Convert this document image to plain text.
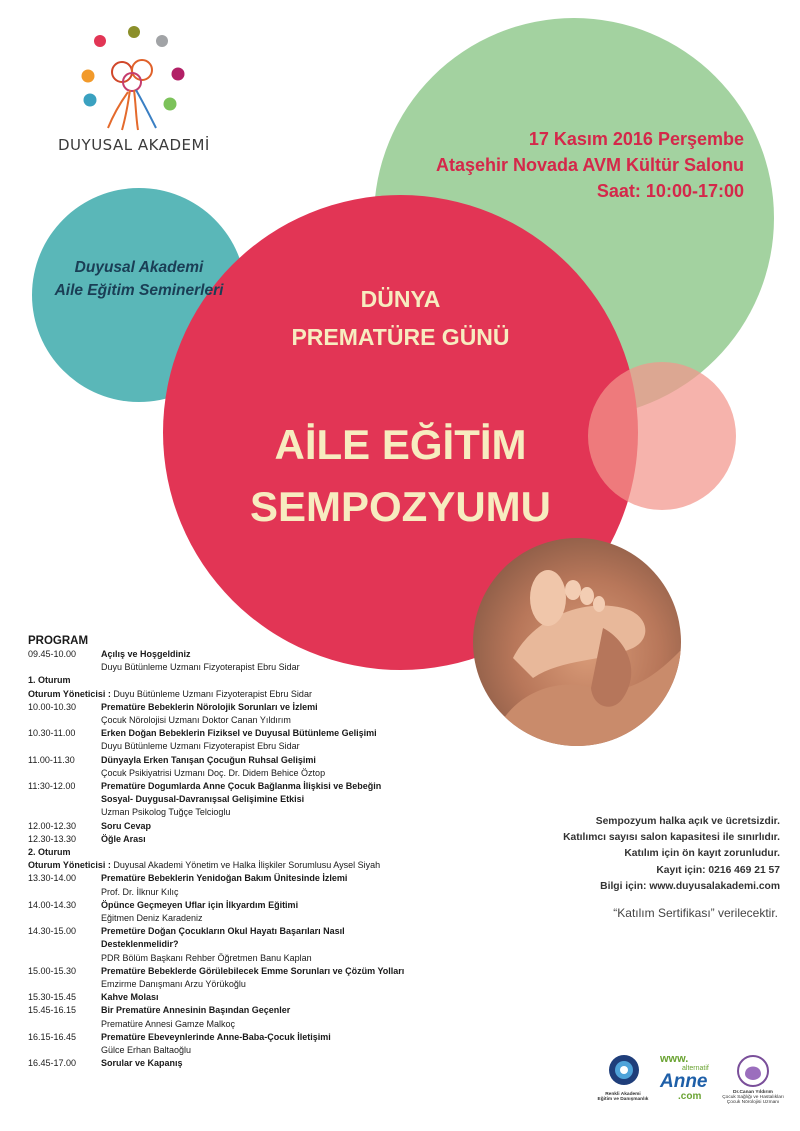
DUYUSAL AKADEMİ	17 Kasım 2016 Perşembe
Ataşehir Novada AVM Kültür Salonu
Saat: 10:00-17:00
Duyusal Akademi
Aile Eğitim Seminerleri	DÜNYA
PREMATÜRE GÜNÜ
AİLE EĞİTİM
SEMPOZYUMU
PROGRAM
09.45-10.00	Açılış ve Hoşgeldiniz
Duyu Bütünleme Uzmanı Fizyoterapist Ebru Sidar
1. Oturum
Oturum Yöneticisi : Duyu Bütünleme Uzmanı Fizyoterapist Ebru Sidar
10.00-10.30	Prematüre Bebeklerin Nörolojik Sorunları ve İzlemi
Çocuk Nörolojisi Uzmanı Doktor Canan Yıldırım
10.30-11.00	Erken Doğan Bebeklerin Fiziksel ve Duyusal Bütünleme Gelişimi
Duyu Bütünleme Uzmanı Fizyoterapist Ebru Sidar
11.00-11.30	Dünyayla Erken Tanışan Çocuğun Ruhsal Gelişimi
Çocuk Psikiyatrisi Uzmanı Doç. Dr. Didem Behice Öztop
11:30-12.00	Prematüre Dogumlarda Anne Çocuk Bağlanma İlişkisi ve Bebeğin
Sosyal- Duygusal-Davranışsal Gelişimine Etkisi
Uzman Psikolog Tuğçe Telcioglu
12.00-12.30	Soru Cevap
12.30-13.30	Öğle Arası
2. Oturum
Oturum Yöneticisi : Duyusal Akademi Yönetim ve Halka İlişkiler Sorumlusu Aysel Siyah
13.30-14.00	Prematüre Bebeklerin Yenidoğan Bakım Ünitesinde İzlemi
Prof. Dr. İlknur Kılıç
14.00-14.30	Öpünce Geçmeyen Uflar için İlkyardım Eğitimi
Eğitmen Deniz Karadeniz
14.30-15.00	Premetüre Doğan Çocukların Okul Hayatı Başarıları Nasıl
Desteklenmelidir?
PDR Bölüm Başkanı Rehber Öğretmen Banu Kaplan
15.00-15.30	Prematüre Bebeklerde Görülebilecek Emme Sorunları ve Çözüm Yolları
Emzirme Danışmanı Arzu Yörükoğlu
15.30-15.45	Kahve Molası
15.45-16.15	Bir Prematüre Annesinin Başından Geçenler
Prematüre Annesi Gamze Malkoç
16.15-16.45	Prematüre Ebeveynlerinde Anne-Baba-Çocuk İletişimi
Gülce Erhan Baltaoğlu
16.45-17.00	Sorular ve Kapanış
Sempozyum halka açık ve ücretsizdir.
Katılımcı sayısı salon kapasitesi ile sınırlıdır.
Katılım için ön kayıt zorunludur.
Kayıt için: 0216 469 21 57
Bilgi için: www.duyusalakademi.com
“Katılım Sertifikası” verilecektir.
Renkli Akademi
Eğitim ve Danışmanlık
www.
alternatif
Anne
.com	Dr.Canan Yıldırım
Çocuk Sağlığı ve Hastalıkları
Çocuk Nörolojisi Uzmanı
